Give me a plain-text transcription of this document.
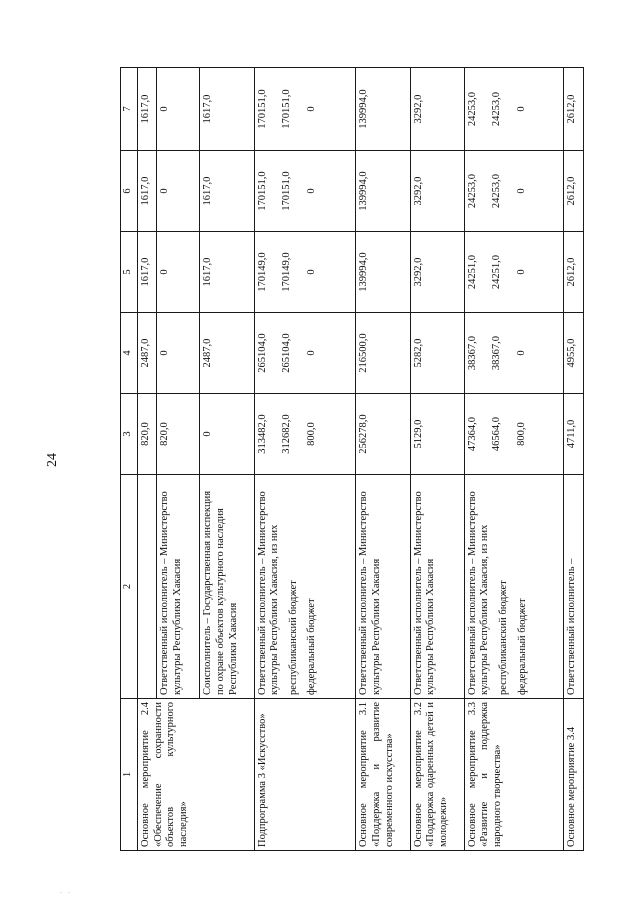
24
. .
1	2	3	4	5	6	7
Основное мероприятие 2.4 «Обеспечение сохранности объектов культурного наследия»		820,0	2487,0	1617,0	1617,0	1617,0
	Ответственный исполнитель – Министерство культуры Республики Хакасия	820,0	0	0	0	0
	Соисполнитель – Государственная инспекция по охране объектов культурного наследия Республики Хакасия	0	2487,0	1617,0	1617,0	1617,0
Подпрограмма 3 «Искусство»	Ответственный исполнитель – Министерство культуры Республики Хакасия, из них республиканский бюджет федеральный бюджет	313482,0 312682,0 800,0	265104,0 265104,0 0	170149,0 170149,0 0	170151,0 170151,0 0	170151,0 170151,0 0
Основное мероприятие 3.1 «Поддержка и развитие современного искусства»	Ответственный исполнитель – Министерство культуры Республики Хакасия	256278,0	216500,0	139994,0	139994,0	139994,0
Основное мероприятие 3.2 «Поддержка одаренных детей и молодежи»	Ответственный исполнитель – Министерство культуры Республики Хакасия	5129,0	5282,0	3292,0	3292,0	3292,0
Основное мероприятие 3.3 «Развитие и поддержка народного творчества»	Ответственный исполнитель – Министерство культуры Республики Хакасия, из них республиканский бюджет федеральный бюджет	47364,0 46564,0 800,0	38367,0 38367,0 0	24251,0 24251,0 0	24253,0 24253,0 0	24253,0 24253,0 0
Основное мероприятие 3.4	Ответственный исполнитель –	4711,0	4955,0	2612,0	2612,0	2612,0
